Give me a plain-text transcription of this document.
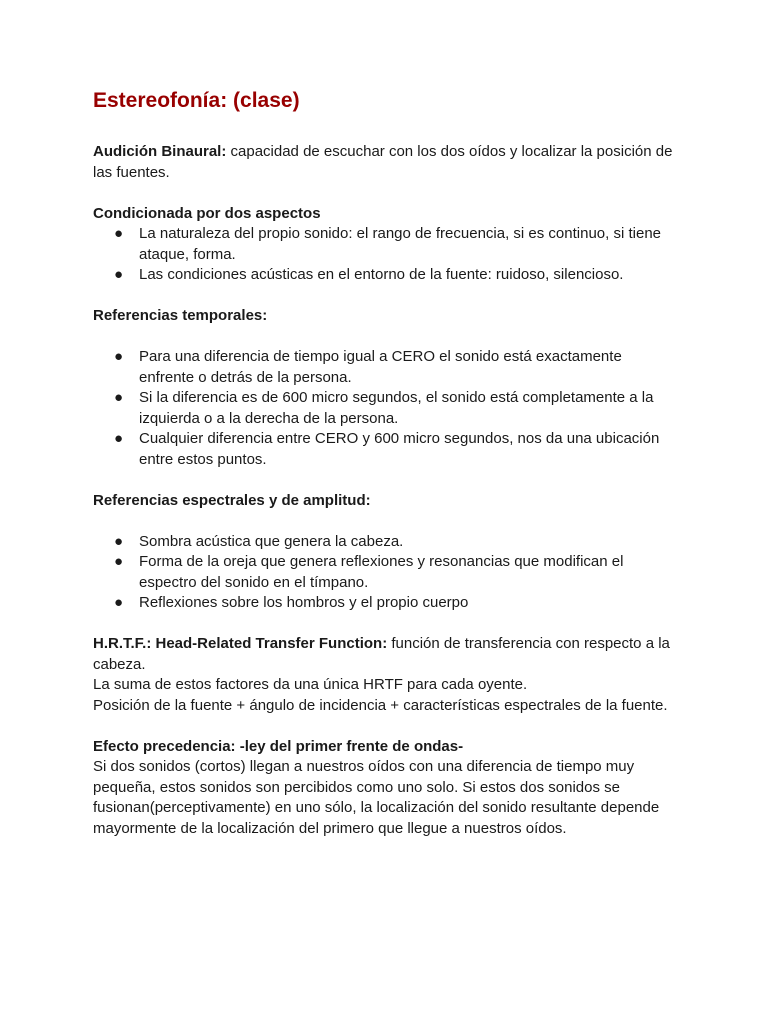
Estereofonía: (clase)

Audición Binaural: capacidad de escuchar con los dos oídos y localizar la posición de las fuentes.

Condicionada por dos aspectos

● La naturaleza del propio sonido: el rango de frecuencia, si es continuo, si tiene ataque, forma.
● Las condiciones acústicas en el entorno de la fuente: ruidoso, silencioso.

Referencias temporales:

● Para una diferencia de tiempo igual a CERO el sonido está exactamente enfrente o detrás de la persona.
● Si la diferencia es de 600 micro segundos, el sonido está completamente a la izquierda o a la derecha de la persona.
● Cualquier diferencia entre CERO y 600 micro segundos, nos da una ubicación entre estos puntos.

Referencias espectrales y de amplitud:

● Sombra acústica que genera la cabeza.
● Forma de la oreja que genera reflexiones y resonancias que modifican el espectro del sonido en el tímpano.
● Reflexiones sobre los hombros y el propio cuerpo

H.R.T.F.: Head-Related Transfer Function: función de transferencia con respecto a la cabeza.

La suma de estos factores da una única HRTF para cada oyente.

Posición de la fuente + ángulo de incidencia + características espectrales de la fuente.

Efecto precedencia: -ley del primer frente de ondas-

Si dos sonidos (cortos) llegan a nuestros oídos con una diferencia de tiempo muy pequeña, estos sonidos son percibidos como uno solo. Si estos dos sonidos se fusionan(perceptivamente) en uno sólo, la localización del sonido resultante depende mayormente de la localización del primero que llegue a nuestros oídos.
